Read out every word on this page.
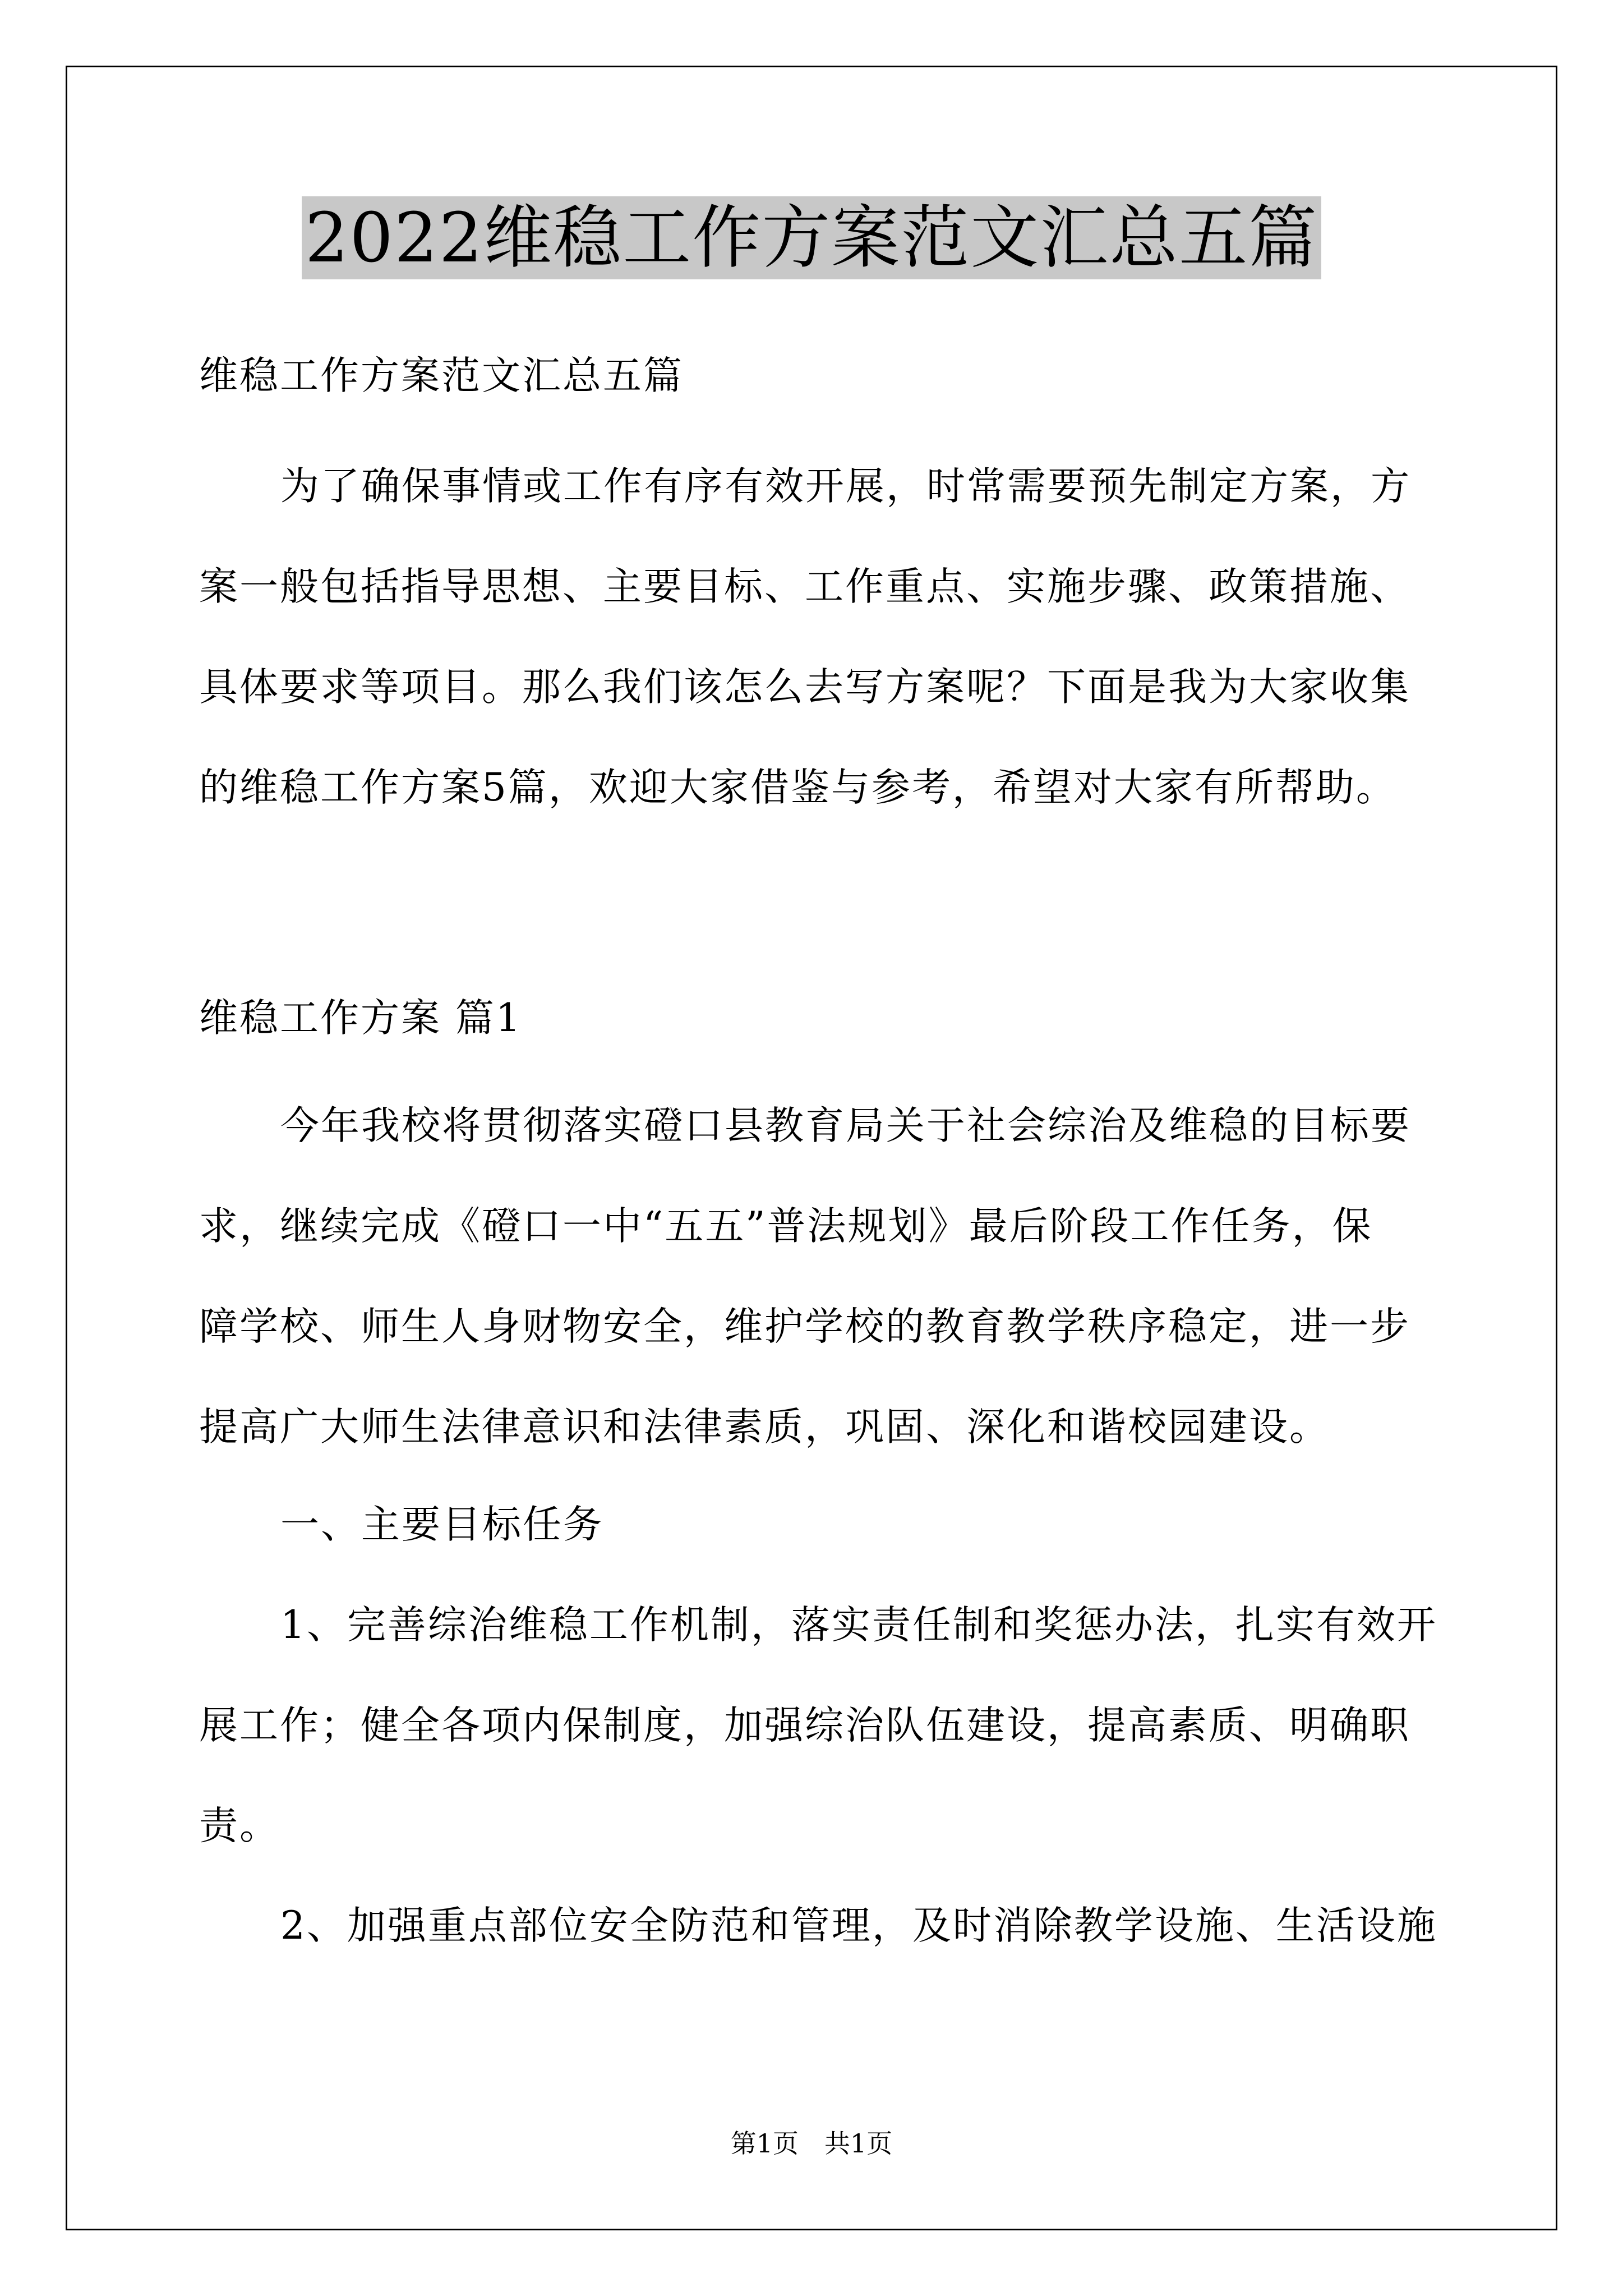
2022维稳工作方案范文汇总五篇
维稳工作方案范文汇总五篇
为了确保事情或工作有序有效开展，时常需要预先制定方案，方
案一般包括指导思想、主要目标、工作重点、实施步骤、政策措施、
具体要求等项目。那么我们该怎么去写方案呢？下面是我为大家收集
的维稳工作方案5篇，欢迎大家借鉴与参考，希望对大家有所帮助。
维稳工作方案 篇1
今年我校将贯彻落实磴口县教育局关于社会综治及维稳的目标要
求，继续完成《磴口一中“五五”普法规划》最后阶段工作任务，保
障学校、师生人身财物安全，维护学校的教育教学秩序稳定，进一步
提高广大师生法律意识和法律素质，巩固、深化和谐校园建设。
一、主要目标任务
1、完善综治维稳工作机制，落实责任制和奖惩办法，扎实有效开
展工作；健全各项内保制度，加强综治队伍建设，提高素质、明确职
责。
2、加强重点部位安全防范和管理，及时消除教学设施、生活设施
第1页　共1页
